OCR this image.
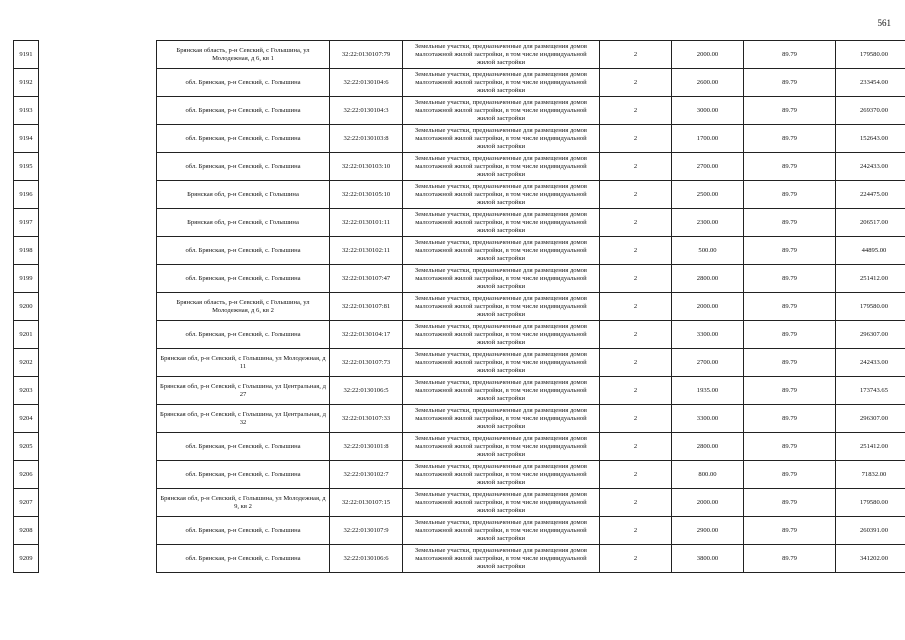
561
9191		Брянская область, р-н Севский, с Голышина, ул Молодежная, д 6, кв 1	32:22:0130107:79	Земельные участки, предназначенные для размещения домов малоэтажной жилой застройки, в том числе индивидуальной жилой застройки	2	2000.00	89.79	179580.00
9192		обл. Брянская, р-н Севский, с. Голышина	32:22:0130104:6	Земельные участки, предназначенные для размещения домов малоэтажной жилой застройки, в том числе индивидуальной жилой застройки	2	2600.00	89.79	233454.00
9193		обл. Брянская, р-н Севский, с. Голышина	32:22:0130104:3	Земельные участки, предназначенные для размещения домов малоэтажной жилой застройки, в том числе индивидуальной жилой застройки	2	3000.00	89.79	269370.00
9194		обл. Брянская, р-н Севский, с. Голышина	32:22:0130103:8	Земельные участки, предназначенные для размещения домов малоэтажной жилой застройки, в том числе индивидуальной жилой застройки	2	1700.00	89.79	152643.00
9195		обл. Брянская, р-н Севский, с. Голышина	32:22:0130103:10	Земельные участки, предназначенные для размещения домов малоэтажной жилой застройки, в том числе индивидуальной жилой застройки	2	2700.00	89.79	242433.00
9196		Брянская обл, р-н Севский, с Голышина	32:22:0130105:10	Земельные участки, предназначенные для размещения домов малоэтажной жилой застройки, в том числе индивидуальной жилой застройки	2	2500.00	89.79	224475.00
9197		Брянская обл, р-н Севский, с Голышина	32:22:0130101:11	Земельные участки, предназначенные для размещения домов малоэтажной жилой застройки, в том числе индивидуальной жилой застройки	2	2300.00	89.79	206517.00
9198		обл. Брянская, р-н Севский, с. Голышина	32:22:0130102:11	Земельные участки, предназначенные для размещения домов малоэтажной жилой застройки, в том числе индивидуальной жилой застройки	2	500.00	89.79	44895.00
9199		обл. Брянская, р-н Севский, с. Голышина	32:22:0130107:47	Земельные участки, предназначенные для размещения домов малоэтажной жилой застройки, в том числе индивидуальной жилой застройки	2	2800.00	89.79	251412.00
9200		Брянская область, р-н Севский, с Голышина, ул Молодежная, д 6, кв 2	32:22:0130107:81	Земельные участки, предназначенные для размещения домов малоэтажной жилой застройки, в том числе индивидуальной жилой застройки	2	2000.00	89.79	179580.00
9201		обл. Брянская, р-н Севский, с. Голышина	32:22:0130104:17	Земельные участки, предназначенные для размещения домов малоэтажной жилой застройки, в том числе индивидуальной жилой застройки	2	3300.00	89.79	296307.00
9202		Брянская обл, р-н Севский, с Голышина, ул Молодежная, д 11	32:22:0130107:73	Земельные участки, предназначенные для размещения домов малоэтажной жилой застройки, в том числе индивидуальной жилой застройки	2	2700.00	89.79	242433.00
9203		Брянская обл, р-н Севский, с Голышина, ул Центральная, д 27	32:22:0130106:5	Земельные участки, предназначенные для размещения домов малоэтажной жилой застройки, в том числе индивидуальной жилой застройки	2	1935.00	89.79	173743.65
9204		Брянская обл, р-н Севский, с Голышина, ул Центральная, д 32	32:22:0130107:33	Земельные участки, предназначенные для размещения домов малоэтажной жилой застройки, в том числе индивидуальной жилой застройки	2	3300.00	89.79	296307.00
9205		обл. Брянская, р-н Севский, с. Голышина	32:22:0130101:8	Земельные участки, предназначенные для размещения домов малоэтажной жилой застройки, в том числе индивидуальной жилой застройки	2	2800.00	89.79	251412.00
9206		обл. Брянская, р-н Севский, с. Голышина	32:22:0130102:7	Земельные участки, предназначенные для размещения домов малоэтажной жилой застройки, в том числе индивидуальной жилой застройки	2	800.00	89.79	71832.00
9207		Брянская обл, р-н Севский, с Голышина, ул Молодежная, д 9, кв 2	32:22:0130107:15	Земельные участки, предназначенные для размещения домов малоэтажной жилой застройки, в том числе индивидуальной жилой застройки	2	2000.00	89.79	179580.00
9208		обл. Брянская, р-н Севский, с. Голышина	32:22:0130107:9	Земельные участки, предназначенные для размещения домов малоэтажной жилой застройки, в том числе индивидуальной жилой застройки	2	2900.00	89.79	260391.00
9209		обл. Брянская, р-н Севский, с. Голышина	32:22:0130106:6	Земельные участки, предназначенные для размещения домов малоэтажной жилой застройки, в том числе индивидуальной жилой застройки	2	3800.00	89.79	341202.00
